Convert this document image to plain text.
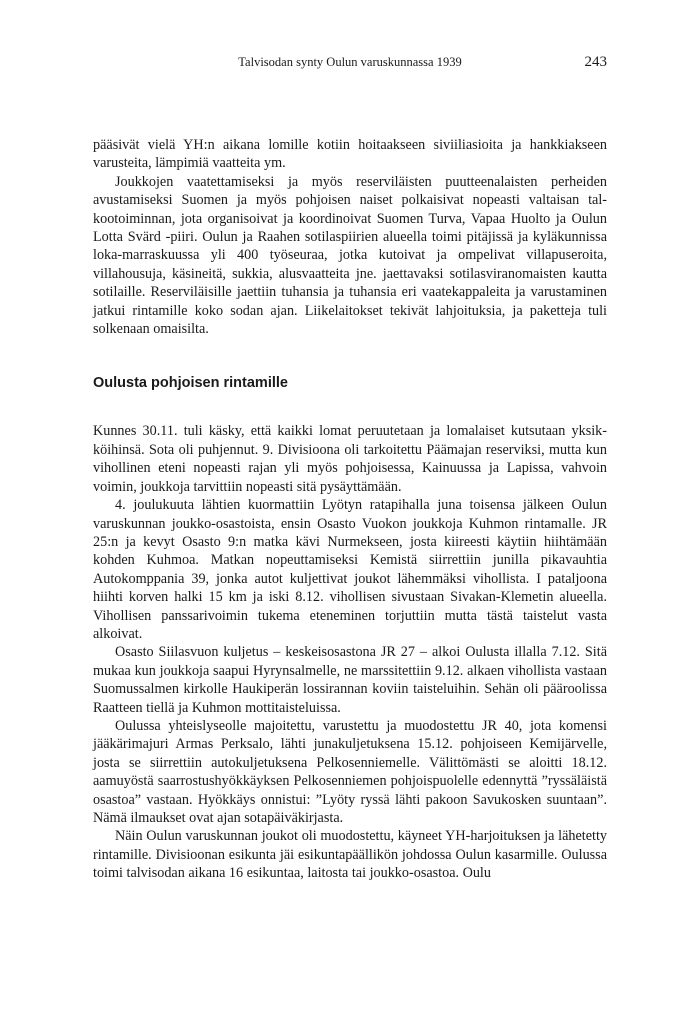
Talvisodan synty Oulun varuskunnassa 1939	243

pääsivät vielä YH:n aikana lomille kotiin hoitaakseen siviiliasioita ja hankkiakseen varusteita, lämpimiä vaatteita ym.

Joukkojen vaatettamiseksi ja myös reserviläisten puutteenalaisten perheiden avustamiseksi Suomen ja myös pohjoisen naiset polkaisivat nopeasti valtaisan talkootoiminnan, jota organisoivat ja koordinoivat Suomen Turva, Vapaa Huolto ja Oulun Lotta Svärd -piiri. Oulun ja Raahen sotilaspiirien alueella toimi pitäjissä ja kyläkunnissa loka-marraskuussa yli 400 työseuraa, jotka kutoivat ja ompelivat villapuseroita, villahousuja, käsineitä, sukkia, alusvaatteita jne. jaettavaksi sotilasviranomaisten kautta sotilaille. Reserviläisille jaettiin tuhansia ja tuhansia eri vaatekappaleita ja varustaminen jatkui rintamille koko sodan ajan. Liikelaitokset tekivät lahjoituksia, ja paketteja tuli solkenaan omaisilta.

Oulusta pohjoisen rintamille

Kunnes 30.11. tuli käsky, että kaikki lomat peruutetaan ja lomalaiset kutsutaan yksikköihinsä. Sota oli puhjennut. 9. Divisioona oli tarkoitettu Päämajan reserviksi, mutta kun vihollinen eteni nopeasti rajan yli myös pohjoisessa, Kainuussa ja Lapissa, vahvoin voimin, joukkoja tarvittiin nopeasti sitä pysäyttämään.

4. joulukuuta lähtien kuormattiin Lyötyn ratapihalla juna toisensa jälkeen Oulun varuskunnan joukko-osastoista, ensin Osasto Vuokon joukkoja Kuhmon rintamalle. JR 25:n ja kevyt Osasto 9:n matka kävi Nurmekseen, josta kiireesti käytiin hiihtämään kohden Kuhmoa. Matkan nopeuttamiseksi Kemistä siirrettiin junilla pikavauhtia Autokomppania 39, jonka autot kuljettivat joukot lähemmäksi vihollista. I pataljoona hiihti korven halki 15 km ja iski 8.12. vihollisen sivustaan Sivakan-Klemetin alueella. Vihollisen panssarivoimin tukema eteneminen torjuttiin mutta tästä taistelut vasta alkoivat.

Osasto Siilasvuon kuljetus – keskeisosastona JR 27 – alkoi Oulusta illalla 7.12. Sitä mukaa kun joukkoja saapui Hyrynsalmelle, ne marssitettiin 9.12. alkaen vihollista vastaan Suomussalmen kirkolle Haukiperän lossirannan koviin taisteluihin. Sehän oli pääroolissa Raatteen tiellä ja Kuhmon mottitaisteluissa.

Oulussa yhteislyseolle majoitettu, varustettu ja muodostettu JR 40, jota komensi jääkärimajuri Armas Perksalo, lähti junakuljetuksena 15.12. pohjoiseen Kemijärvelle, josta se siirrettiin autokuljetuksena Pelkosenniemelle. Välittömästi se aloitti 18.12. aamuyöstä saarrostushyökkäyksen Pelkosenniemen pohjoispuolelle edennyttä ”ryssäläistä osastoa” vastaan. Hyökkäys onnistui: ”Lyöty ryssä lähti pakoon Savukosken suuntaan”. Nämä ilmaukset ovat ajan sotapäiväkirjasta.

Näin Oulun varuskunnan joukot oli muodostettu, käyneet YH-harjoituksen ja lähetetty rintamille. Divisioonan esikunta jäi esikuntapäällikön johdossa Oulun kasarmille. Oulussa toimi talvisodan aikana 16 esikuntaa, laitosta tai joukko-osastoa. Oulu
